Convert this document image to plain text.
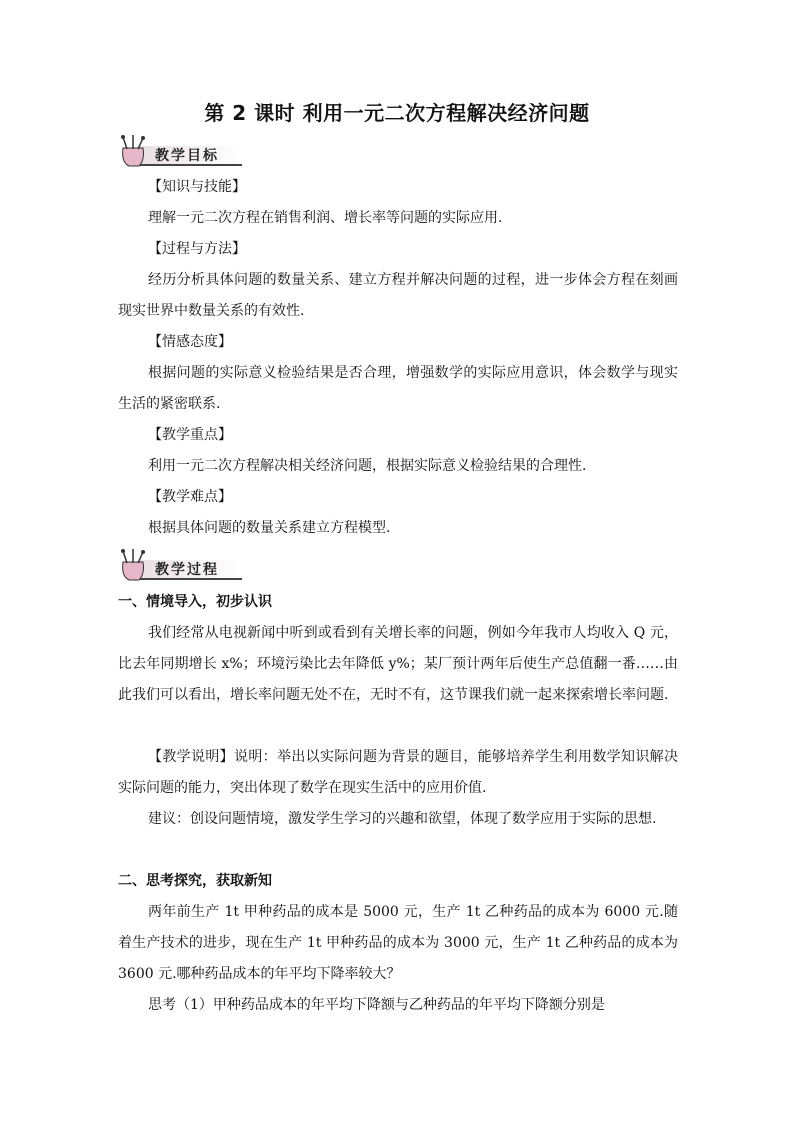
第 2 课时 利用一元二次方程解决经济问题
教学目标

【知识与技能】

理解一元二次方程在销售利润、增长率等问题的实际应用.

【过程与方法】

经历分析具体问题的数量关系、建立方程并解决问题的过程，进一步体会方程在刻画现实世界中数量关系的有效性.

【情感态度】

根据问题的实际意义检验结果是否合理，增强数学的实际应用意识，体会数学与现实生活的紧密联系.

【教学重点】

利用一元二次方程解决相关经济问题，根据实际意义检验结果的合理性.

【教学难点】

根据具体问题的数量关系建立方程模型.

教学过程

一、情境导入，初步认识

我们经常从电视新闻中听到或看到有关增长率的问题，例如今年我市人均收入 Q 元，比去年同期增长 x%；环境污染比去年降低 y%；某厂预计两年后使生产总值翻一番……由此我们可以看出，增长率问题无处不在，无时不有，这节课我们就一起来探索增长率问题.

【教学说明】说明：举出以实际问题为背景的题目，能够培养学生利用数学知识解决实际问题的能力，突出体现了数学在现实生活中的应用价值.

建议：创设问题情境，激发学生学习的兴趣和欲望，体现了数学应用于实际的思想.

二、思考探究，获取新知

两年前生产 1t 甲种药品的成本是 5000 元，生产 1t 乙种药品的成本为 6000 元.随着生产技术的进步，现在生产 1t 甲种药品的成本为 3000 元，生产 1t 乙种药品的成本为 3600 元.哪种药品成本的年平均下降率较大？

思考（1）甲种药品成本的年平均下降额与乙种药品的年平均下降额分别是
